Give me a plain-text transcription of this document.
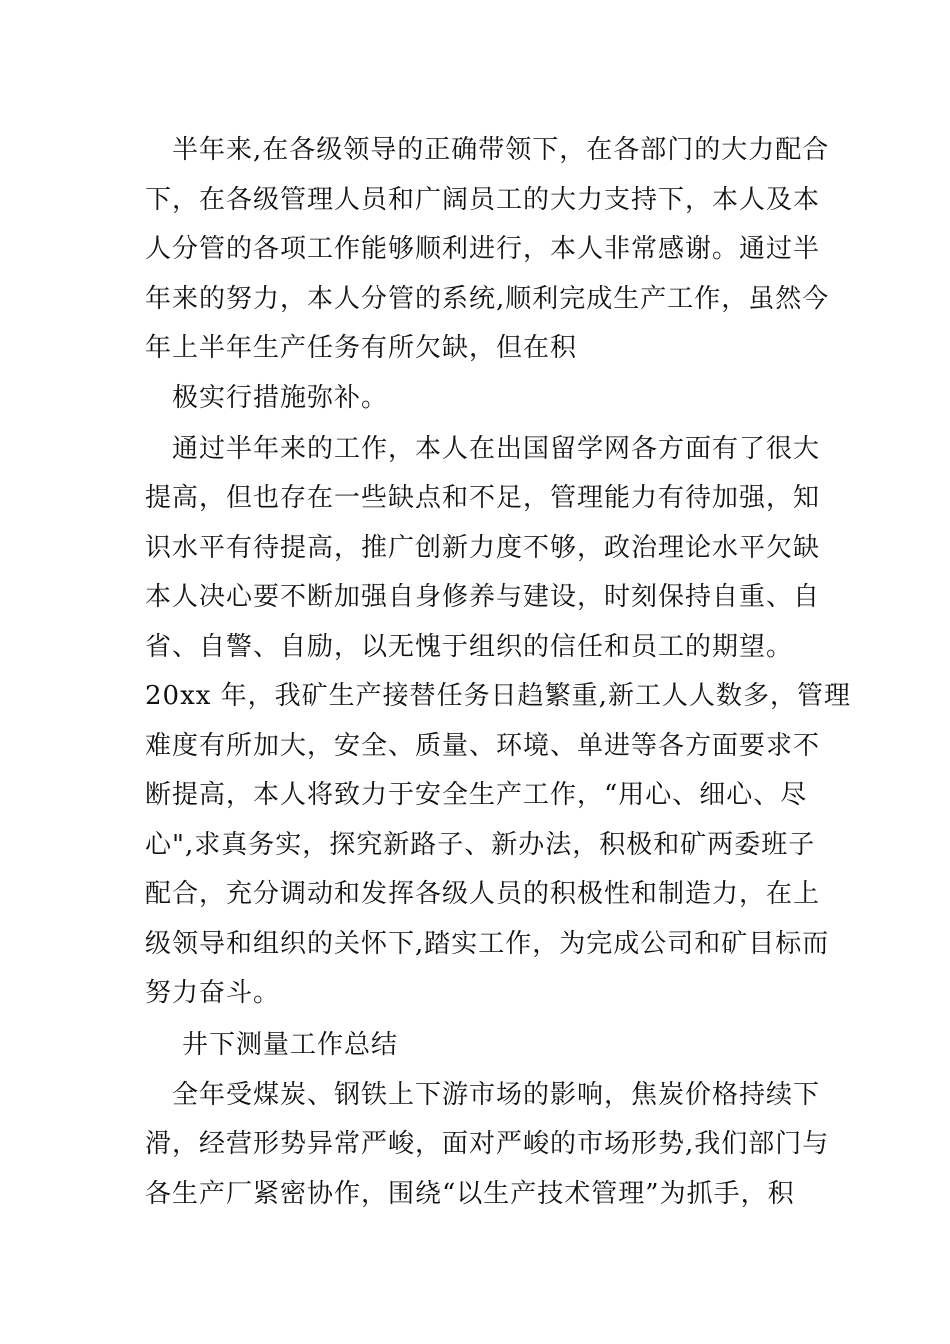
半年来,在各级领导的正确带领下，在各部门的大力配合
下，在各级管理人员和广阔员工的大力支持下，本人及本
人分管的各项工作能够顺利进行，本人非常感谢。通过半
年来的努力，本人分管的系统,顺利完成生产工作，虽然今
年上半年生产任务有所欠缺，但在积
极实行措施弥补。
通过半年来的工作，本人在出国留学网各方面有了很大
提高，但也存在一些缺点和不足，管理能力有待加强，知
识水平有待提高，推广创新力度不够，政治理论水平欠缺
本人决心要不断加强自身修养与建设，时刻保持自重、自
省、自警、自励，以无愧于组织的信任和员工的期望。
20xx 年，我矿生产接替任务日趋繁重,新工人人数多，管理
难度有所加大，安全、质量、环境、单进等各方面要求不
断提高，本人将致力于安全生产工作，“用心、细心、尽
心",求真务实，探究新路子、新办法，积极和矿两委班子
配合，充分调动和发挥各级人员的积极性和制造力，在上
级领导和组织的关怀下,踏实工作，为完成公司和矿目标而
努力奋斗。
井下测量工作总结
全年受煤炭、钢铁上下游市场的影响，焦炭价格持续下
滑，经营形势异常严峻，面对严峻的市场形势,我们部门与
各生产厂紧密协作，围绕“以生产技术管理”为抓手，积
